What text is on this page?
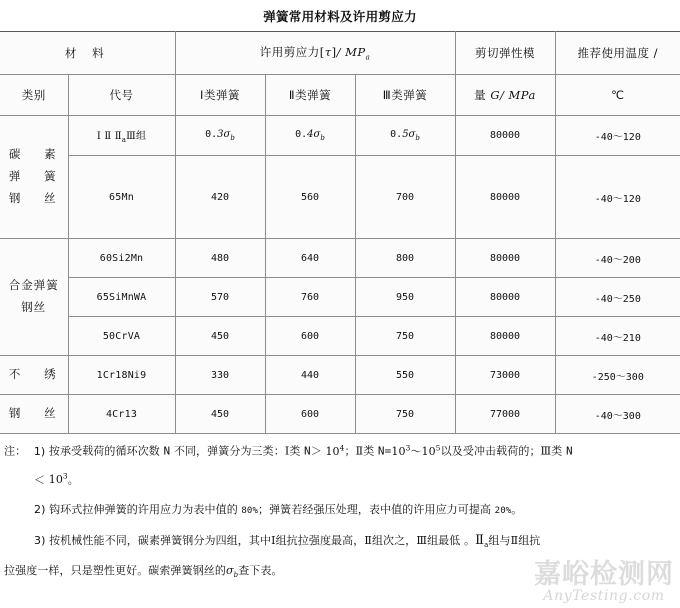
弹簧常用材料及许用剪应力
材 料		许用剪应力[τ]/ $MP_a$			剪切弹性模	推荐使用温度 /
类别	代号	Ⅰ类弹簧	Ⅱ类弹簧	Ⅲ类弹簧	量 G/ MPa	℃

碳 素
弹 簧
钢 丝	Ⅰ Ⅱ $Ⅱ_aⅢ$组	$0.3\sigma_b$	$0.4\sigma_b$	$0.5\sigma_b$	80000	-40～120
	65Mn	420	560	700	80000	-40～120

合金弹簧
钢丝	60Si2Mn	480	640	800	80000	-40～200
	65SiMnWA	570	760	950	80000	-40～250
	50CrVA	450	600	750	80000	-40～210
不 绣	1Cr18Ni9	330	440	550	73000	-250～300
钢 丝	4Cr13	450	600	750	77000	-40～300
注： 1) 按承受载荷的循环次数 N 不同，弹簧分为三类：Ⅰ类 $N> 10^4$；Ⅱ类 $N=10^3\sim 10^5$以及受冲击载荷的；Ⅲ类 N
＜ $10^3$。
2) 钩环式拉伸弹簧的许用应力为表中值的 80%；弹簧若经强压处理，表中值的许用应力可提高 20%。
3) 按机械性能不同，碳素弹簧钢分为四组，其中Ⅰ组抗拉强度最高，Ⅱ组次之，Ⅲ组最低 。$Ⅱ_a$组与Ⅱ组抗
拉强度一样，只是塑性更好。碳索弹簧钢丝的$\sigma_b$查下表。	嘉峪检测网
AnyTesting.com
